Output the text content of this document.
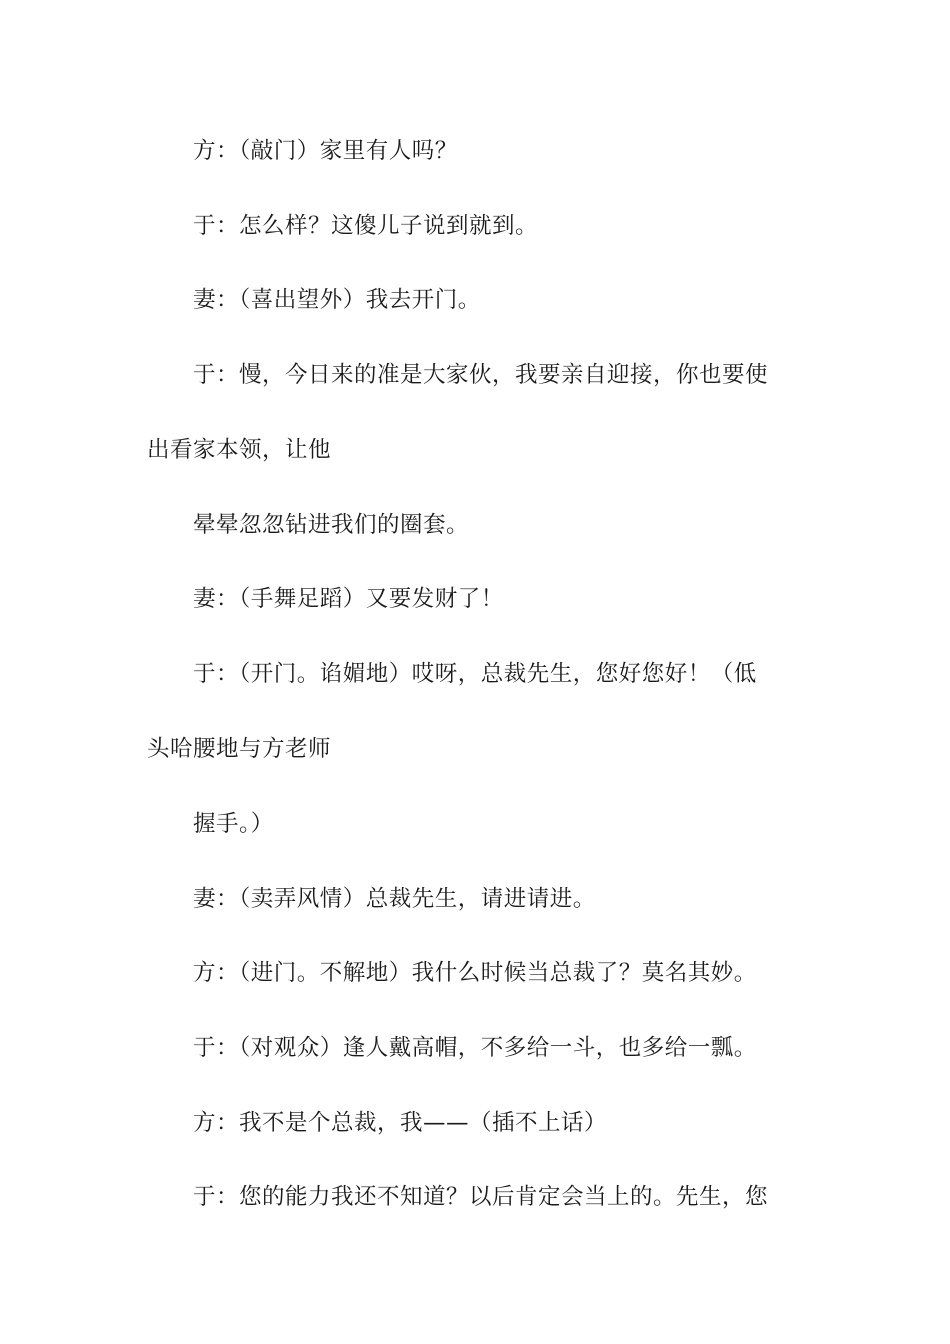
方：（敲门）家里有人吗？
于：怎么样？这傻儿子说到就到。
妻：（喜出望外）我去开门。
于：慢，今日来的准是大家伙，我要亲自迎接，你也要使
出看家本领，让他
晕晕忽忽钻进我们的圈套。
妻：（手舞足蹈）又要发财了！
于：（开门。谄媚地）哎呀，总裁先生，您好您好！（低
头哈腰地与方老师
握手。）
妻：（卖弄风情）总裁先生，请进请进。
方：（进门。不解地）我什么时候当总裁了？莫名其妙。
于：（对观众）逢人戴高帽，不多给一斗，也多给一瓢。
方：我不是个总裁，我——（插不上话）
于：您的能力我还不知道？以后肯定会当上的。先生，您
